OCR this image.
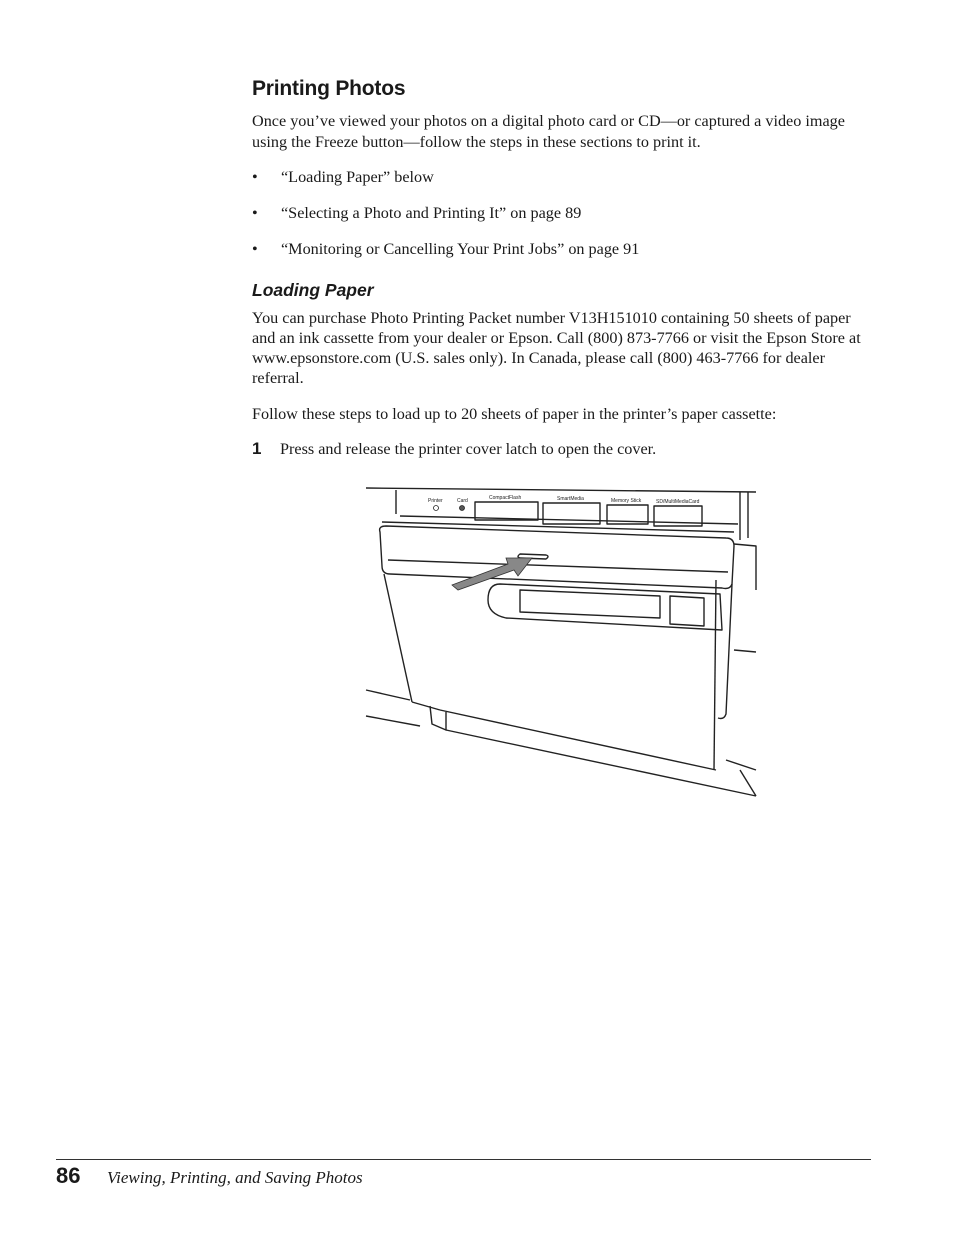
Printing Photos

Once you’ve viewed your photos on a digital photo card or CD—or captured a video image using the Freeze button—follow the steps in these sections to print it.

• “Loading Paper” below
• “Selecting a Photo and Printing It” on page 89
• “Monitoring or Cancelling Your Print Jobs” on page 91
Loading Paper

You can purchase Photo Printing Packet number V13H151010 containing 50 sheets of paper and an ink cassette from your dealer or Epson. Call (800) 873-7766 or visit the Epson Store at www.epsonstore.com (U.S. sales only). In Canada, please call (800) 463-7766 for dealer referral.

Follow these steps to load up to 20 sheets of paper in the printer’s paper cassette:

1 Press and release the printer cover latch to open the cover.
Printer	Card	CompactFlash	SmartMedia	Memory Stick	SD/MultiMediaCard
86 Viewing, Printing, and Saving Photos
